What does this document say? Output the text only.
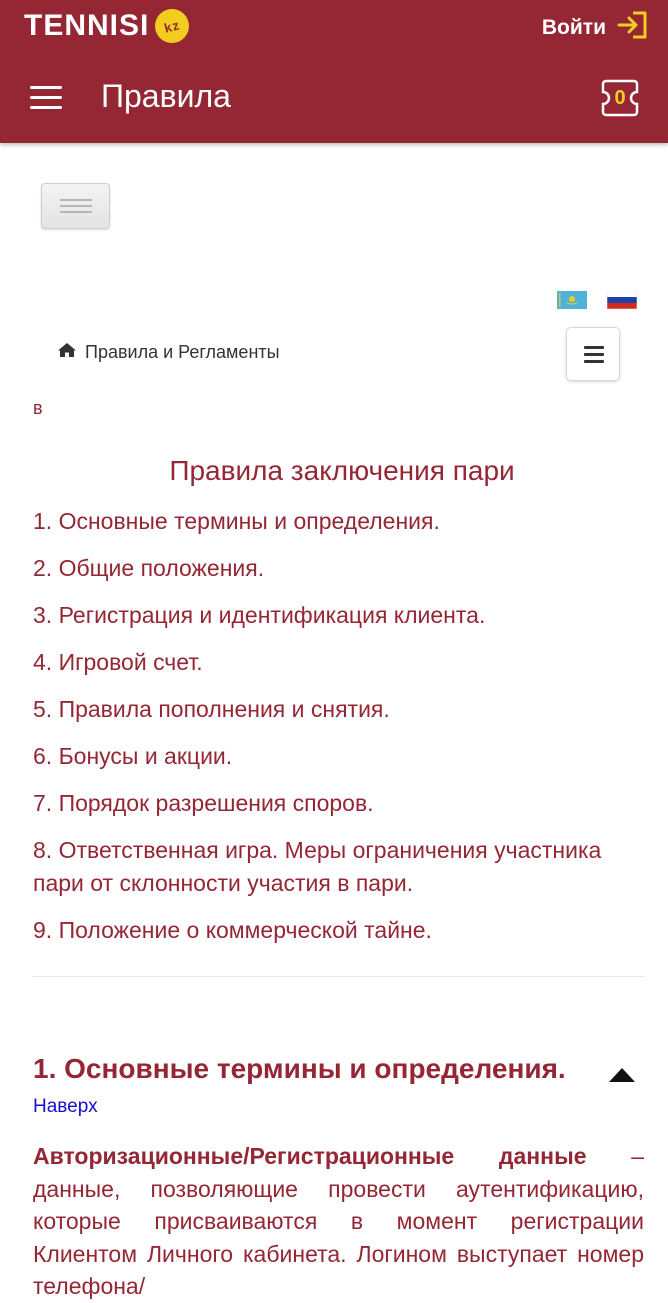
TENNISI	kz	Войти
Правила	0
Правила и Регламенты
в
Правила заключения пари
1. Основные термины и определения.
2. Общие положения.
3. Регистрация и идентификация клиента.
4. Игровой счет.
5. Правила пополнения и снятия.
6. Бонусы и акции.
7. Порядок разрешения споров.
8. Ответственная игра. Меры ограничения участника пари от склонности участия в пари.
9. Положение о коммерческой тайне.
1. Основные термины и определения.
Наверх

Авторизационные/Регистрационные данные – данные, позволяющие провести аутентификацию, которые присваиваются в момент регистрации Клиентом Личного кабинета. Логином выступает номер телефона/
